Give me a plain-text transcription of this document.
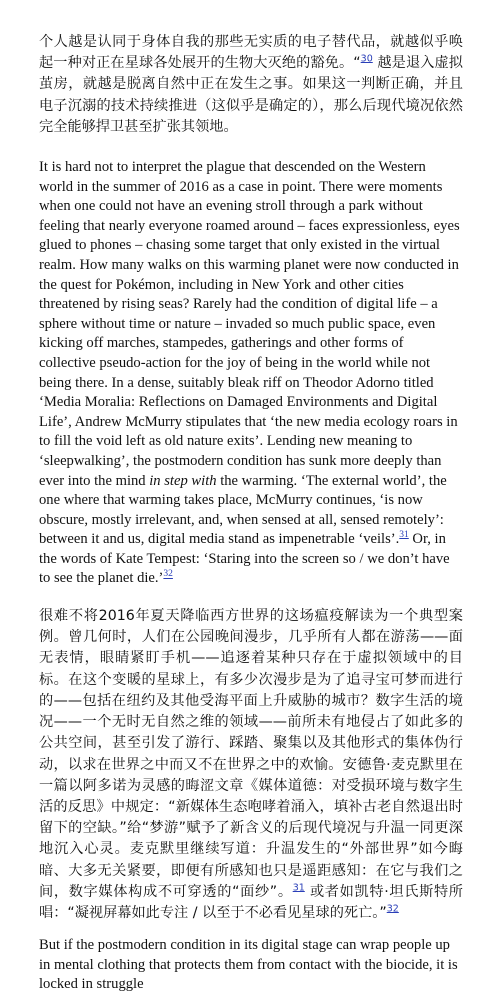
个人越是认同于身体自我的那些无实质的电子替代品，就越似乎唤起一种对正在星球各处展开的生物大灭绝的豁免。“$^{30}$ 越是退入虚拟茧房，就越是脱离自然中正在发生之事。如果这一判断正确，并且电子沉溺的技术持续推进（这似乎是确定的），那么后现代境况依然完全能够捍卫甚至扩张其领地。

It is hard not to interpret the plague that descended on the Western world in the summer of 2016 as a case in point. There were moments when one could not have an evening stroll through a park without feeling that nearly everyone roamed around – faces expressionless, eyes glued to phones – chasing some target that only existed in the virtual realm. How many walks on this warming planet were now conducted in the quest for Pokémon, including in New York and other cities threatened by rising seas? Rarely had the condition of digital life – a sphere without time or nature – invaded so much public space, even kicking off marches, stampedes, gatherings and other forms of collective pseudo-action for the joy of being in the world while not being there. In a dense, suitably bleak riff on Theodor Adorno titled ‘Media Moralia: Reflections on Damaged Environments and Digital Life’, Andrew McMurry stipulates that ‘the new media ecology roars in to fill the void left as old nature exits’. Lending new meaning to ‘sleepwalking’, the postmodern condition has sunk more deeply than ever into the mind in step with the warming. ‘The external world’, the one where that warming takes place, McMurry continues, ‘is now obscure, mostly irrelevant, and, when sensed at all, sensed remotely’: between it and us, digital media stand as impenetrable ‘veils’.$^{31}$ Or, in the words of Kate Tempest: ‘Staring into the screen so / we don’t have to see the planet die.’$^{32}$

很难不将2016年夏天降临西方世界的这场瘟疫解读为一个典型案例。曾几何时，人们在公园晚间漫步，几乎所有人都在游荡——面无表情，眼睛紧盯手机——追逐着某种只存在于虚拟领域中的目标。在这个变暖的星球上，有多少次漫步是为了追寻宝可梦而进行的——包括在纽约及其他受海平面上升威胁的城市？数字生活的境况——一个无时无自然之维的领域——前所未有地侵占了如此多的公共空间，甚至引发了游行、踩踏、聚集以及其他形式的集体伪行动，以求在世界之中而又不在世界之中的欢愉。安德鲁·麦克默里在一篇以阿多诺为灵感的晦涩文章《媒体道德：对受损环境与数字生活的反思》中规定：“新媒体生态咆哮着涌入，填补古老自然退出时留下的空缺。”给“梦游”赋予了新含义的后现代境况与升温一同更深地沉入心灵。麦克默里继续写道：升温发生的“外部世界”如今晦暗、大多无关紧要，即便有所感知也只是遥距感知：在它与我们之间，数字媒体构成不可穿透的“面纱”。$^{31}$ 或者如凯特·坦氏斯特所唱：“凝视屏幕如此专注 / 以至于不必看见星球的死亡。”$^{32}$

But if the postmodern condition in its digital stage can wrap people up in mental clothing that protects them from contact with the biocide, it is locked in struggle
